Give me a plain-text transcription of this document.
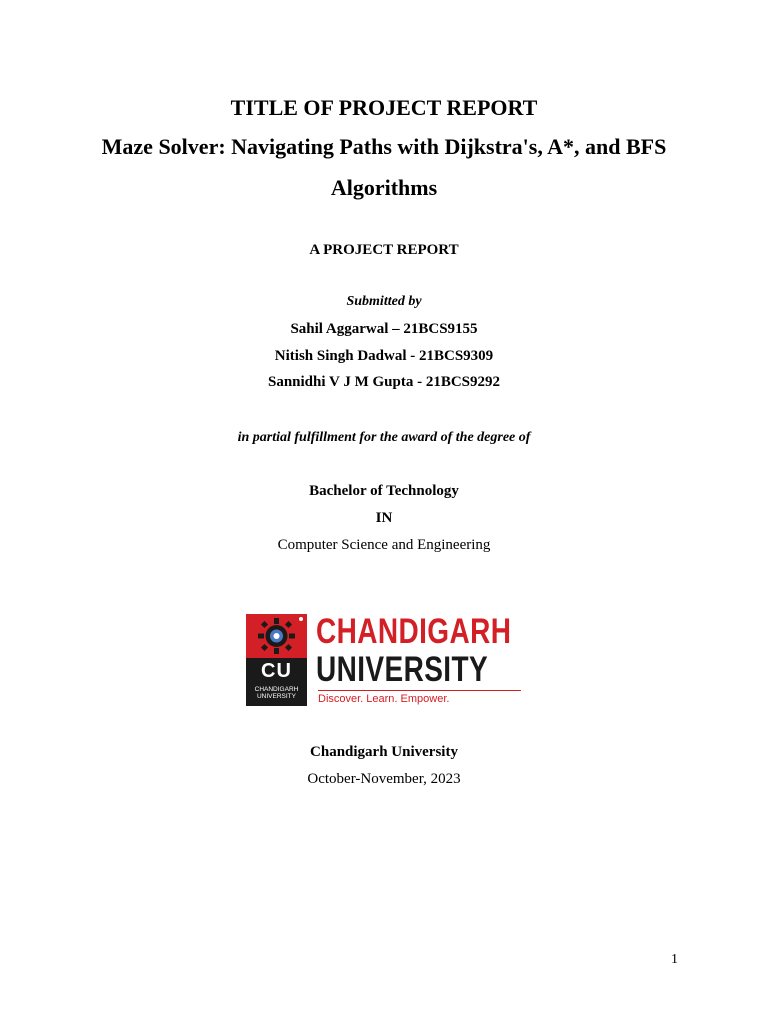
TITLE OF PROJECT REPORT
Maze Solver: Navigating Paths with Dijkstra's, A*, and BFS
Algorithms
A PROJECT REPORT
Submitted by
Sahil Aggarwal – 21BCS9155
Nitish Singh Dadwal - 21BCS9309
Sannidhi V J M Gupta - 21BCS9292
in partial fulfillment for the award of the degree of
Bachelor of Technology
IN
Computer Science and Engineering
CU
CHANDIGARH UNIVERSITY
CHANDIGARH
UNIVERSITY
Discover. Learn. Empower.
Chandigarh University
October-November, 2023
1
